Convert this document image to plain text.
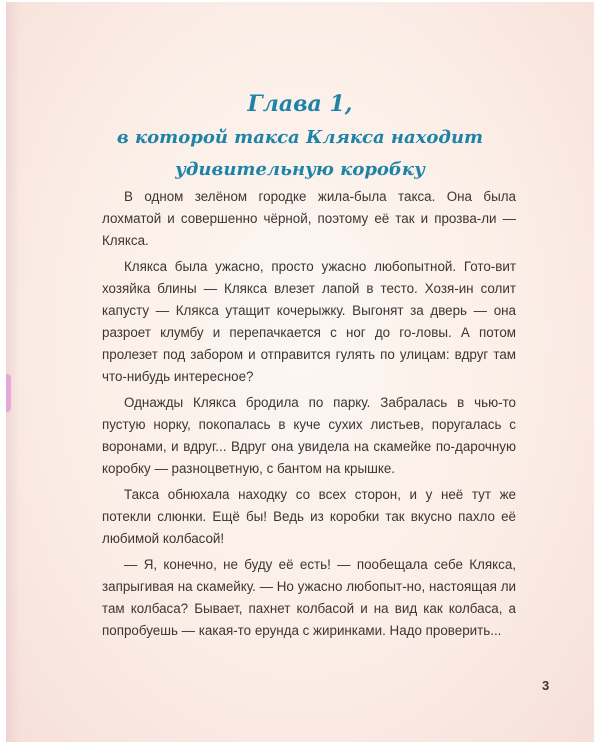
Глава 1,
в которой такса Клякса находит
удивительную коробку

В одном зелёном городке жила-была такса. Она была лохматой и совершенно чёрной, поэтому её так и прозва-ли — Клякса.

Клякса была ужасно, просто ужасно любопытной. Гото-вит хозяйка блины — Клякса влезет лапой в тесто. Хозя-ин солит капусту — Клякса утащит кочерыжку. Выгонят за дверь — она разроет клумбу и перепачкается с ног до го-ловы. А потом пролезет под забором и отправится гулять по улицам: вдруг там что-нибудь интересное?

Однажды Клякса бродила по парку. Забралась в чью-то пустую норку, покопалась в куче сухих листьев, поругалась с воронами, и вдруг... Вдруг она увидела на скамейке по-дарочную коробку — разноцветную, с бантом на крышке.

Такса обнюхала находку со всех сторон, и у неё тут же потекли слюнки. Ещё бы! Ведь из коробки так вкусно пахло её любимой колбасой!

— Я, конечно, не буду её есть! — пообещала себе Клякса, запрыгивая на скамейку. — Но ужасно любопыт-но, настоящая ли там колбаса? Бывает, пахнет колбасой и на вид как колбаса, а попробуешь — какая-то ерунда с жиринками. Надо проверить...

3
